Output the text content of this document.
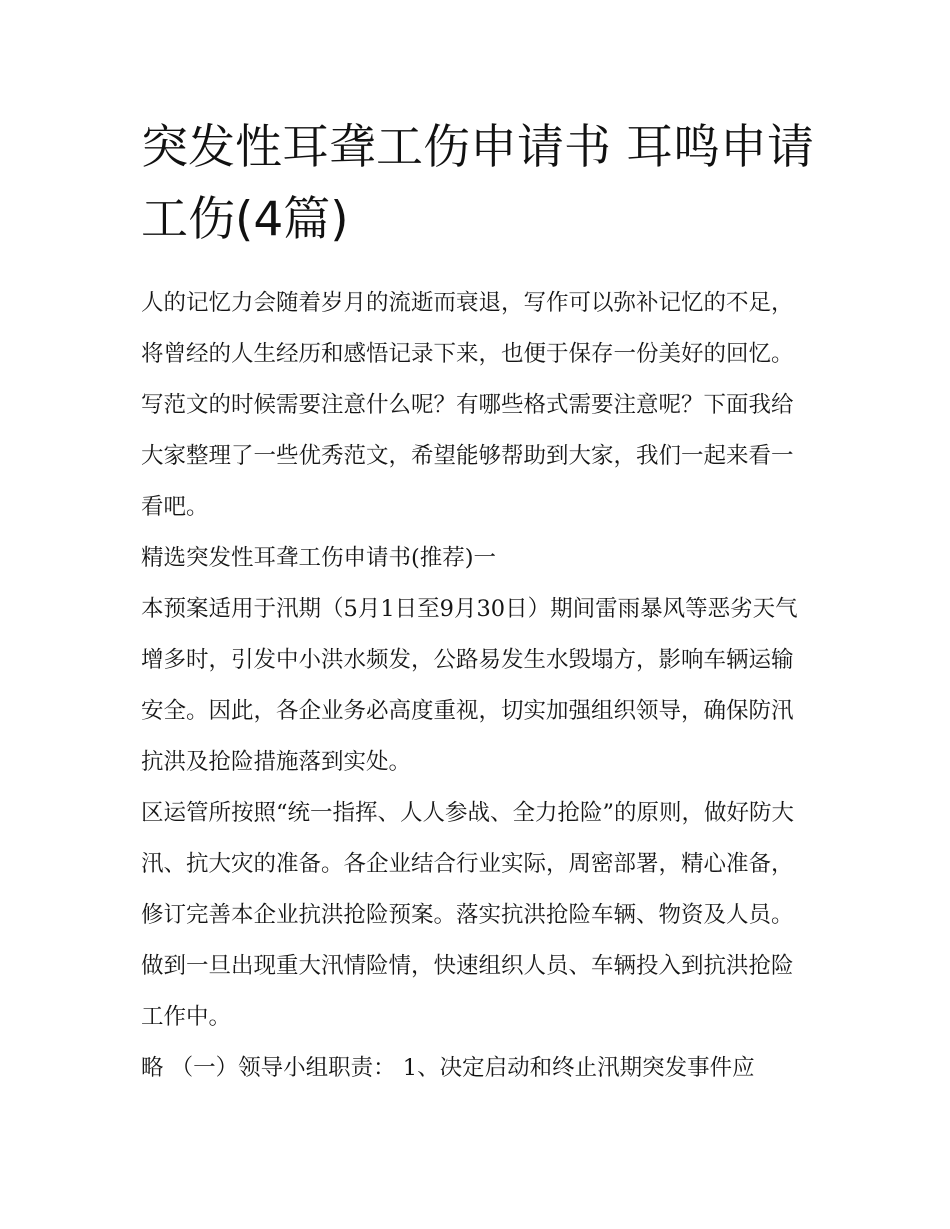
突发性耳聋工伤申请书 耳鸣申请工伤(4篇)

人的记忆力会随着岁月的流逝而衰退，写作可以弥补记忆的不足，将曾经的人生经历和感悟记录下来，也便于保存一份美好的回忆。写范文的时候需要注意什么呢？有哪些格式需要注意呢？下面我给大家整理了一些优秀范文，希望能够帮助到大家，我们一起来看一看吧。

精选突发性耳聋工伤申请书(推荐)一

本预案适用于汛期（5月1日至9月30日）期间雷雨暴风等恶劣天气增多时，引发中小洪水频发，公路易发生水毁塌方，影响车辆运输安全。因此，各企业务必高度重视，切实加强组织领导，确保防汛抗洪及抢险措施落到实处。

区运管所按照“统一指挥、人人参战、全力抢险”的原则，做好防大汛、抗大灾的准备。各企业结合行业实际，周密部署，精心准备，修订完善本企业抗洪抢险预案。落实抗洪抢险车辆、物资及人员。做到一旦出现重大汛情险情，快速组织人员、车辆投入到抗洪抢险工作中。

略 （一）领导小组职责： 1、决定启动和终止汛期突发事件应
